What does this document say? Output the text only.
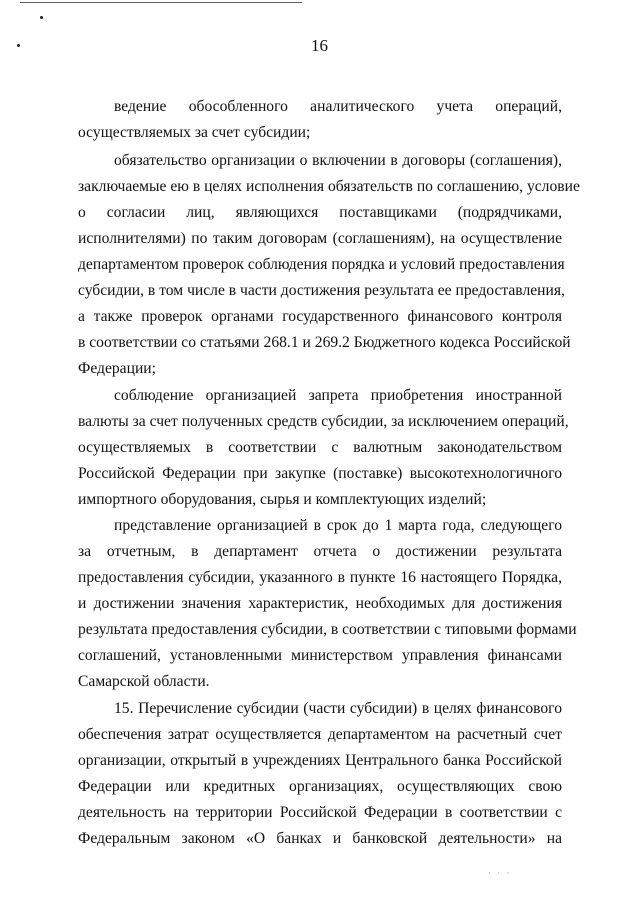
16
ведение обособленного аналитического учета операций,
осуществляемых за счет субсидии;
обязательство организации о включении в договоры (соглашения),
заключаемые ею в целях исполнения обязательств по соглашению, условие
о согласии лиц, являющихся поставщиками (подрядчиками,
исполнителями) по таким договорам (соглашениям), на осуществление
департаментом проверок соблюдения порядка и условий предоставления
субсидии, в том числе в части достижения результата ее предоставления,
а также проверок органами государственного финансового контроля
в соответствии со статьями 268.1 и 269.2 Бюджетного кодекса Российской
Федерации;
соблюдение организацией запрета приобретения иностранной
валюты за счет полученных средств субсидии, за исключением операций,
осуществляемых в соответствии с валютным законодательством
Российской Федерации при закупке (поставке) высокотехнологичного
импортного оборудования, сырья и комплектующих изделий;
представление организацией в срок до 1 марта года, следующего
за отчетным, в департамент отчета о достижении результата
предоставления субсидии, указанного в пункте 16 настоящего Порядка,
и достижении значения характеристик, необходимых для достижения
результата предоставления субсидии, в соответствии с типовыми формами
соглашений, установленными министерством управления финансами
Самарской области.
15. Перечисление субсидии (части субсидии) в целях финансового
обеспечения затрат осуществляется департаментом на расчетный счет
организации, открытый в учреждениях Центрального банка Российской
Федерации или кредитных организациях, осуществляющих свою
деятельность на территории Российской Федерации в соответствии с
Федеральным законом «О банках и банковской деятельности» на
· · ·
